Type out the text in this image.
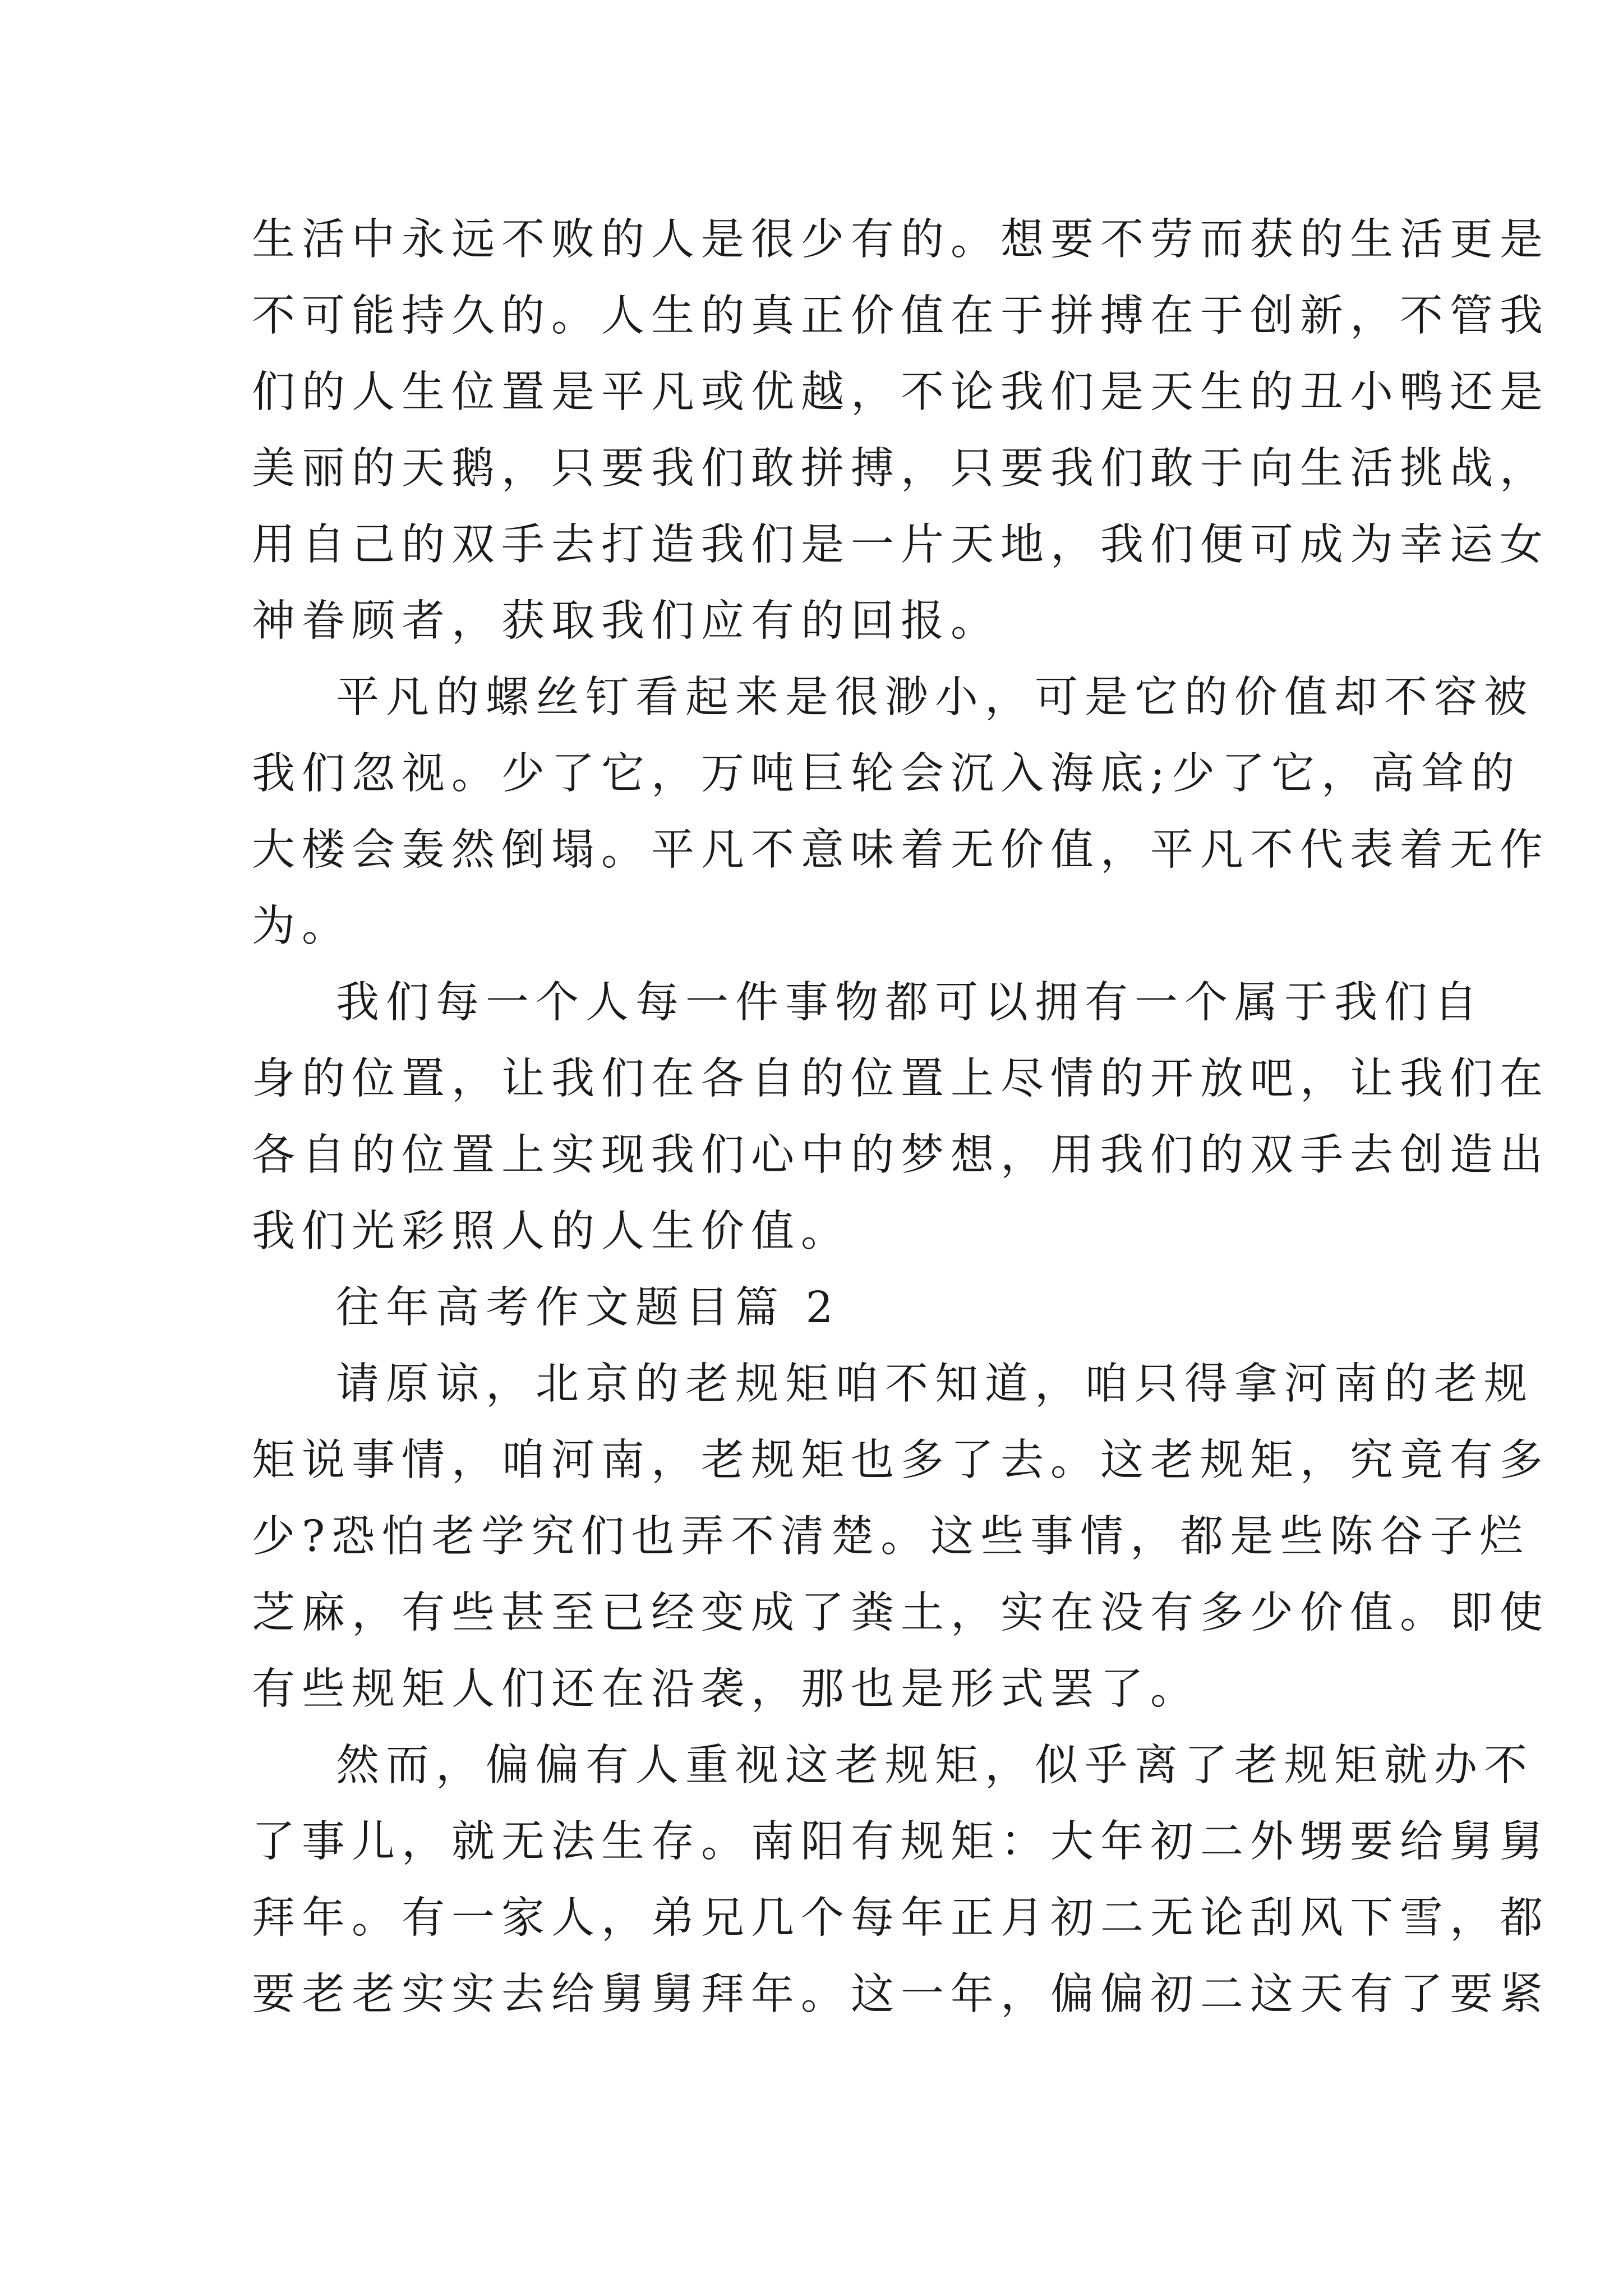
生活中永远不败的人是很少有的。想要不劳而获的生活更是
不可能持久的。人生的真正价值在于拼搏在于创新，不管我
们的人生位置是平凡或优越，不论我们是天生的丑小鸭还是
美丽的天鹅，只要我们敢拼搏，只要我们敢于向生活挑战，
用自己的双手去打造我们是一片天地，我们便可成为幸运女
神眷顾者，获取我们应有的回报。
平凡的螺丝钉看起来是很渺小，可是它的价值却不容被
我们忽视。少了它，万吨巨轮会沉入海底;少了它，高耸的
大楼会轰然倒塌。平凡不意味着无价值，平凡不代表着无作
为。
我们每一个人每一件事物都可以拥有一个属于我们自
身的位置，让我们在各自的位置上尽情的开放吧，让我们在
各自的位置上实现我们心中的梦想，用我们的双手去创造出
我们光彩照人的人生价值。
往年高考作文题目篇 2
请原谅，北京的老规矩咱不知道，咱只得拿河南的老规
矩说事情，咱河南，老规矩也多了去。这老规矩，究竟有多
少?恐怕老学究们也弄不清楚。这些事情，都是些陈谷子烂
芝麻，有些甚至已经变成了粪土，实在没有多少价值。即使
有些规矩人们还在沿袭，那也是形式罢了。
然而，偏偏有人重视这老规矩，似乎离了老规矩就办不
了事儿，就无法生存。南阳有规矩：大年初二外甥要给舅舅
拜年。有一家人，弟兄几个每年正月初二无论刮风下雪，都
要老老实实去给舅舅拜年。这一年，偏偏初二这天有了要紧
